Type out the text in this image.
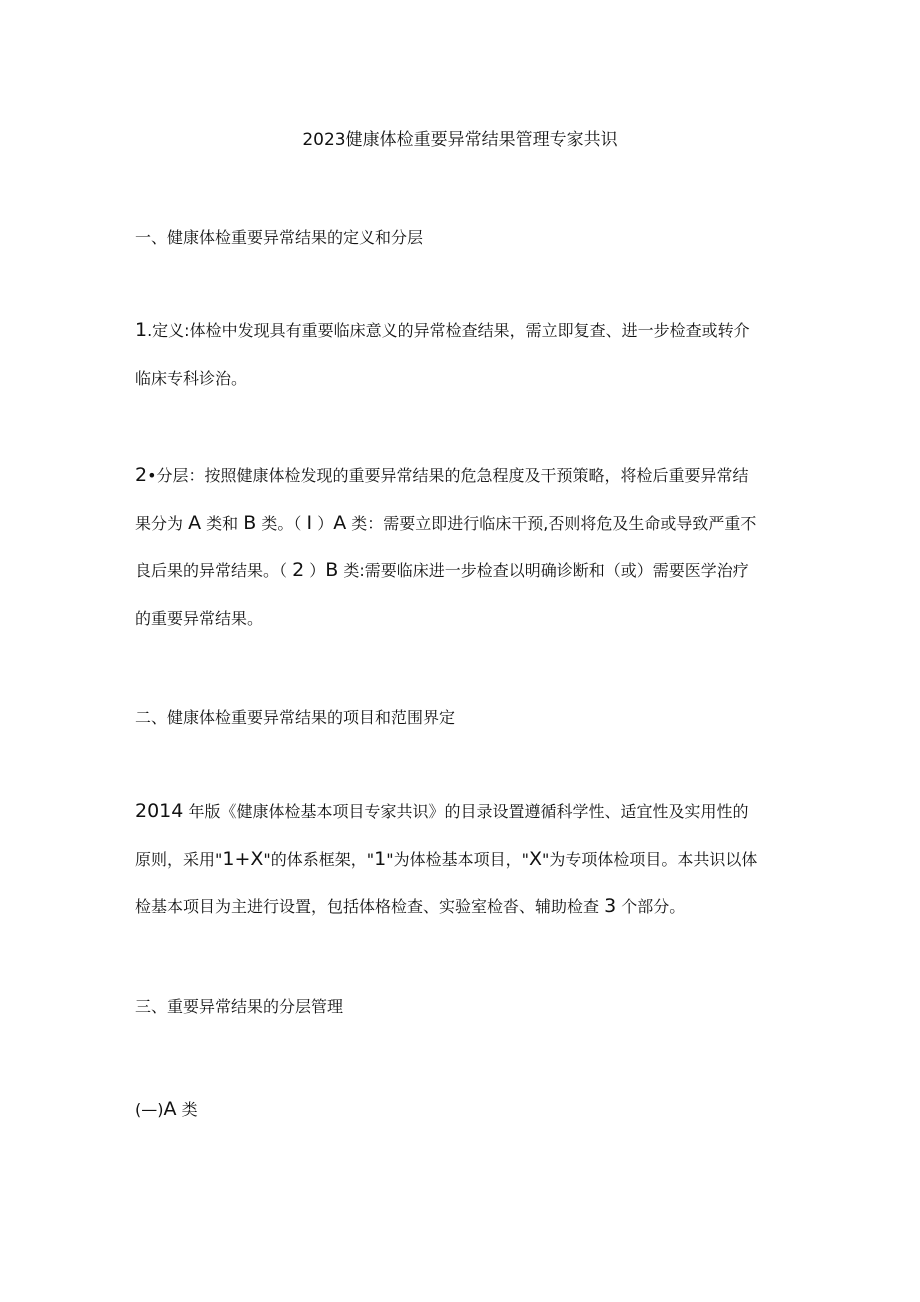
2023健康体检重要异常结果管理专家共识
一、健康体检重要异常结果的定义和分层
1.定义:体检中发现具有重要临床意义的异常检查结果，需立即复查、进一步检查或转介
临床专科诊治。
2•分层：按照健康体检发现的重要异常结果的危急程度及干预策略，将检后重要异常结
果分为 A 类和 B 类。（ I ）A 类：需要立即进行临床干预,否则将危及生命或导致严重不
良后果的异常结果。（ 2 ）B 类:需要临床进一步检查以明确诊断和（或）需要医学治疗
的重要异常结果。
二、健康体检重要异常结果的项目和范围界定
2014 年版《健康体检基本项目专家共识》的目录设置遵循科学性、适宜性及实用性的
原则，采用"1+X"的体系框架，"1"为体检基本项目，"X"为专项体检项目。本共识以体
检基本项目为主进行设置，包括体格检查、实验室检沓、辅助检查 3 个部分。
三、重要异常结果的分层管理
(—)A 类
